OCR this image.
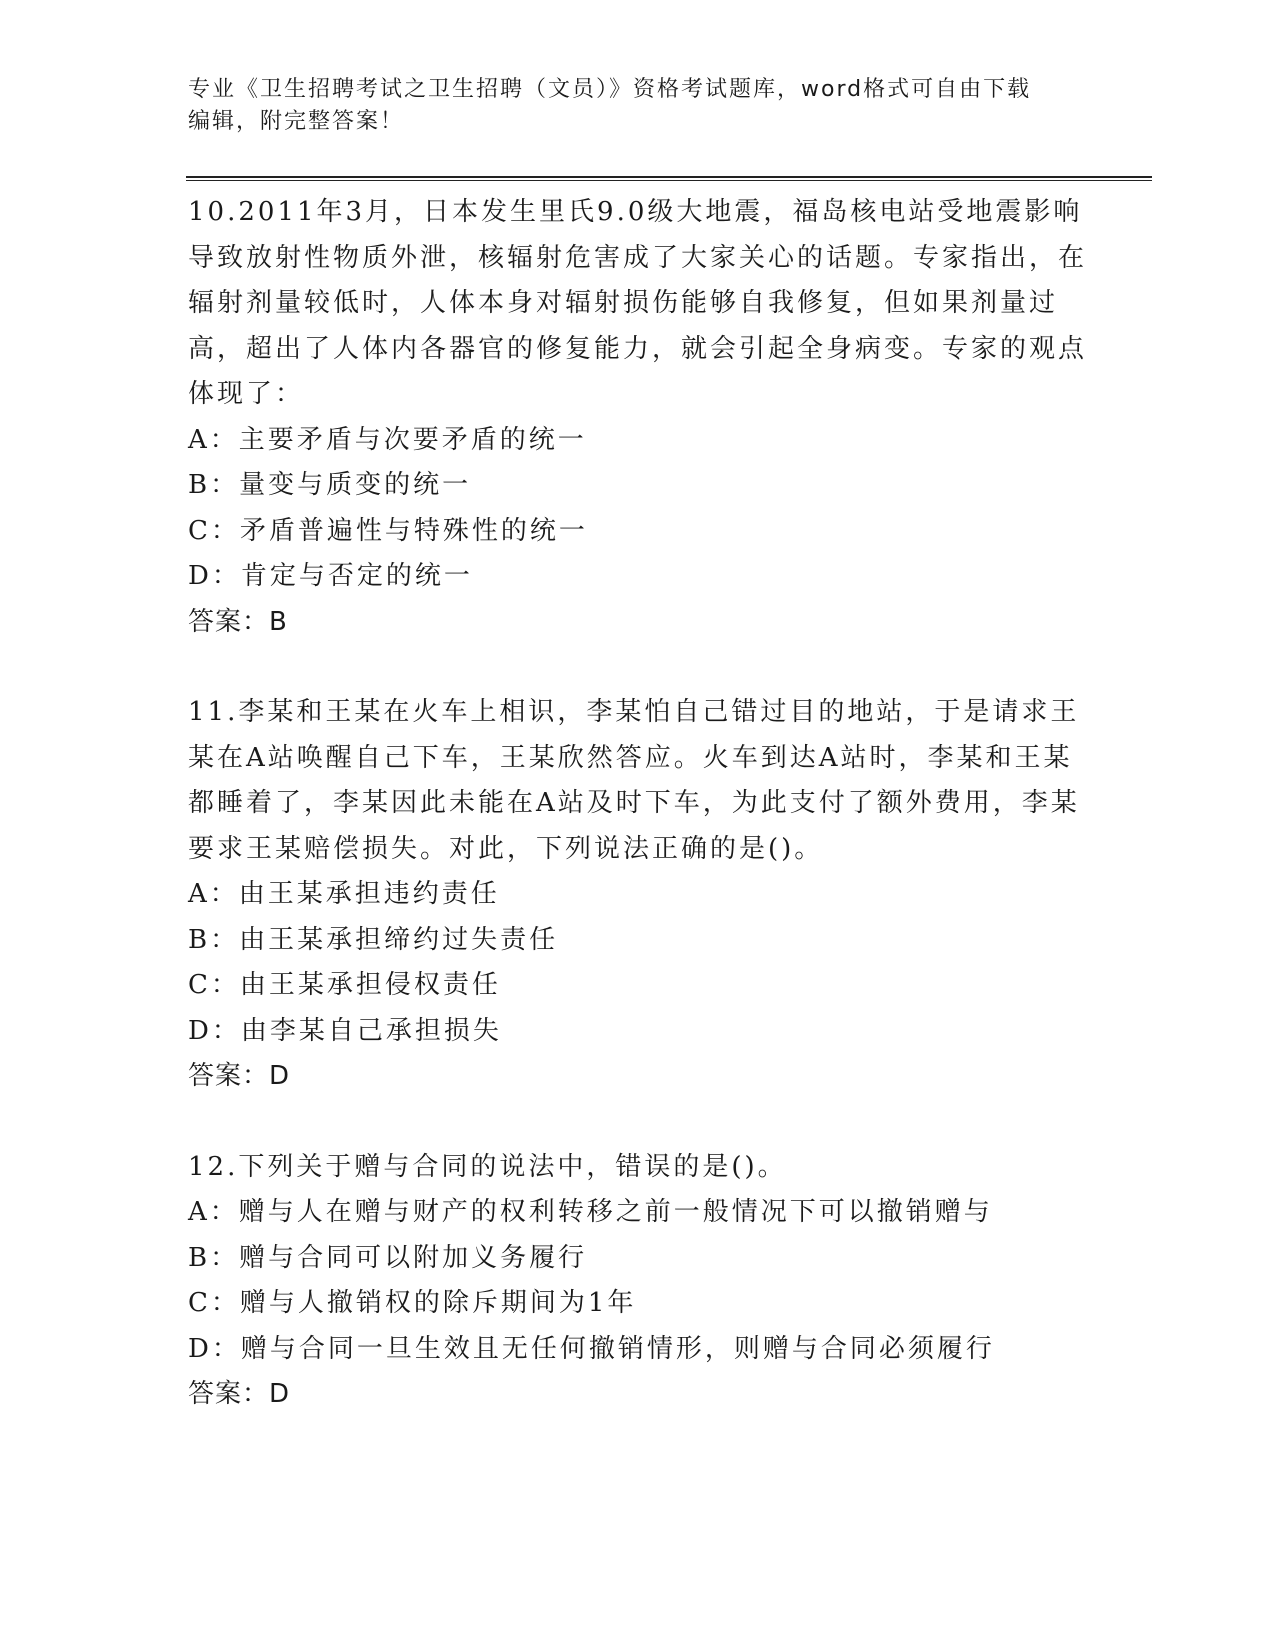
专业《卫生招聘考试之卫生招聘（文员）》资格考试题库，word格式可自由下载
编辑，附完整答案！
10.2011年3月，日本发生里氏9.0级大地震，福岛核电站受地震影响导致放射性物质外泄，核辐射危害成了大家关心的话题。专家指出，在辐射剂量较低时，人体本身对辐射损伤能够自我修复，但如果剂量过高，超出了人体内各器官的修复能力，就会引起全身病变。专家的观点体现了：
A：主要矛盾与次要矛盾的统一
B：量变与质变的统一
C：矛盾普遍性与特殊性的统一
D：肯定与否定的统一
答案：B
11.李某和王某在火车上相识，李某怕自己错过目的地站，于是请求王某在A站唤醒自己下车，王某欣然答应。火车到达A站时，李某和王某都睡着了，李某因此未能在A站及时下车，为此支付了额外费用，李某要求王某赔偿损失。对此，下列说法正确的是()。
A：由王某承担违约责任
B：由王某承担缔约过失责任
C：由王某承担侵权责任
D：由李某自己承担损失
答案：D
12.下列关于赠与合同的说法中，错误的是()。
A：赠与人在赠与财产的权利转移之前一般情况下可以撤销赠与
B：赠与合同可以附加义务履行
C：赠与人撤销权的除斥期间为1年
D：赠与合同一旦生效且无任何撤销情形，则赠与合同必须履行
答案：D
